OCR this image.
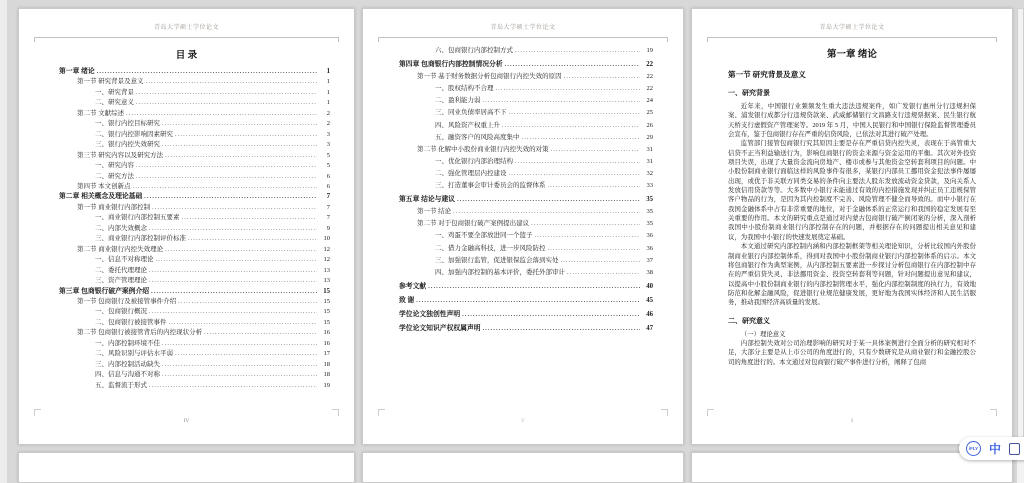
青岛大学硕士学位论文
目 录
第一章 绪论 .....	1
第一节 研究背景及意义 .....	1
一、研究背景 .....	1
二、研究意义 .....	1
第二节 文献综述 .....	2
一、银行内控目标研究 .....	2
二、银行内控影响因素研究 .....	3
三、银行内控失效研究 .....	3
第三节 研究内容以及研究方法 .....	5
一、研究内容 .....	5
二、研究方法 .....	6
第四节 本文创新点 .....	6
第二章 相关概念及理论基础 .....	7
第一节 商业银行内部控制 .....	7
一、商业银行内部控制五要素 .....	7
二、内部失效概念 .....	9
三、商业银行内部控制评价标准 .....	10
第二节 商业银行内控失效理论 .....	12
一、信息不对称理论 .....	12
二、委托代理理论 .....	13
三、资产管理理论 .....	13
第三章 包商银行破产案例介绍 .....	15
第一节 包商银行及被接管事件介绍 .....	15
一、包商银行概况 .....	15
二、包商银行被接管事件 .....	15
第二节 包商银行被接管背后的内控现状分析 .....	16
一、内部控制环境不佳 .....	16
二、风险识别与评估水平弱 .....	17
三、内部控制活动缺失 .....	18
四、信息与沟通不对称 .....	18
五、监督流于形式 .....	19
IV
青岛大学硕士学位论文
六、包商银行内部控制方式 .....	19
第四章 包商银行内部控制情况分析 .....	22
第一节 基于财务数据分析包商银行内控失效的原因 .....	22
一、股权结构不合理 .....	22
二、盈利能力弱 .....	24
三、同业负债率居高不下 .....	25
四、风险资产权重上升 .....	26
五、融资客户的风险高度集中 .....	29
第二节 化解中小股份商业银行内控失效的对策 .....	31
一、优化银行内部治理结构 .....	31
二、强化管理层内控建设 .....	32
三、打造董事会审计委员会的监督体系 .....	33
第五章 结论与建议 .....	35
第一节 结论 .....	35
第二节 对于包商银行破产案例提出建议 .....	35
一、鸡蛋不要全部放进同一个篮子 .....	36
二、借力金融高科技，进一步风险防控 .....	36
三、加强银行监管，促进银保监会落到实处 .....	37
四、加强内部控制的基本评价，委托外部审计 .....	38
参考文献 .....	40
致 谢 .....	45
学位论文独创性声明 .....	46
学位论文知识产权权属声明 .....	47
V
青岛大学硕士学位论文
第一章 绪论
第一节 研究背景及意义
一、研究背景

近年来，中国银行业频频发生重大违法违规案件，如广发银行惠州分行违规担保案、浦发银行成都分行违规贷款案、武威邮储银行文昌路支行违规票据案、民生银行航天桥支行虚假资产管理案等。2019 年 5 月，中国人民银行和中国银行保险监督管理委员会宣布，鉴于包商银行存在严重的信贷风险，已依法对其进行破产处理。

监管部门接管包商银行究其原因主要是存在严重信贷内控失灵，表现在于高管重大信贷不正当利益输送行为，影响包商银行的资金来源与资金运用的平衡。其次对外投资项目失误，出现了大量资金流向房地产、楼市或参与其他资金空转套利项目的问题。中小股份制商业银行面临这样的风险事件有很多，某银行内部员工挪用资金犯法事件屡屡出现，或优于非关联方同类交易的条件向主要法人股东发放流动资金贷款，及向关系人发放信用贷款等等。大多数中小银行未能通过有效的内控措施发现并纠正员工违规保管客户物品的行为，是因为其内控制度不完善、风险管理不健全而导致的。而中小银行在我国金融体系中占有非常重要的地位，对于金融体系的正常运行和我国的稳定发展有至关重要的作用。本文的研究重点是通过对内蒙古包商银行破产倒闭案的分析，深入剖析我国中小股份制商业银行内部控制存在的问题，并根据存在的问题提出相关意见和建议，为我国中小银行的快速发展奠定基础。

本文通过研究内部控制内涵和内部控制框架等相关理论知识，分析比较国内外股份制商业银行内部控制体系，得到对我国中小股份制商业银行内部控制体系的启示。本文将包商银行作为典型案例，从内部控制五要素进一步探讨分析包商银行在内部控制中存在的严重信贷失灵、非法挪用资金、投资空转套利等问题，针对问题提出意见和建议，以提高中小股份制商业银行的内部控制管理水平，强化内部控制制度的执行力，有效地防范和化解金融风险，促进银行业规范健康发展，更好地为我国实体经济和人民生活服务，推动我国经济高质量的发展。

二、研究意义
（一）理论意义

内部控制失效对公司治理影响的研究对于某一具体案例进行全面分析的研究相对不足，大部分主要是从上市公司的角度进行的，只有少数研究是从商业银行和金融控股公司的角度进行的。本文通过对包商银行破产事件进行分析，阐释了包商

1
iFLY 中
